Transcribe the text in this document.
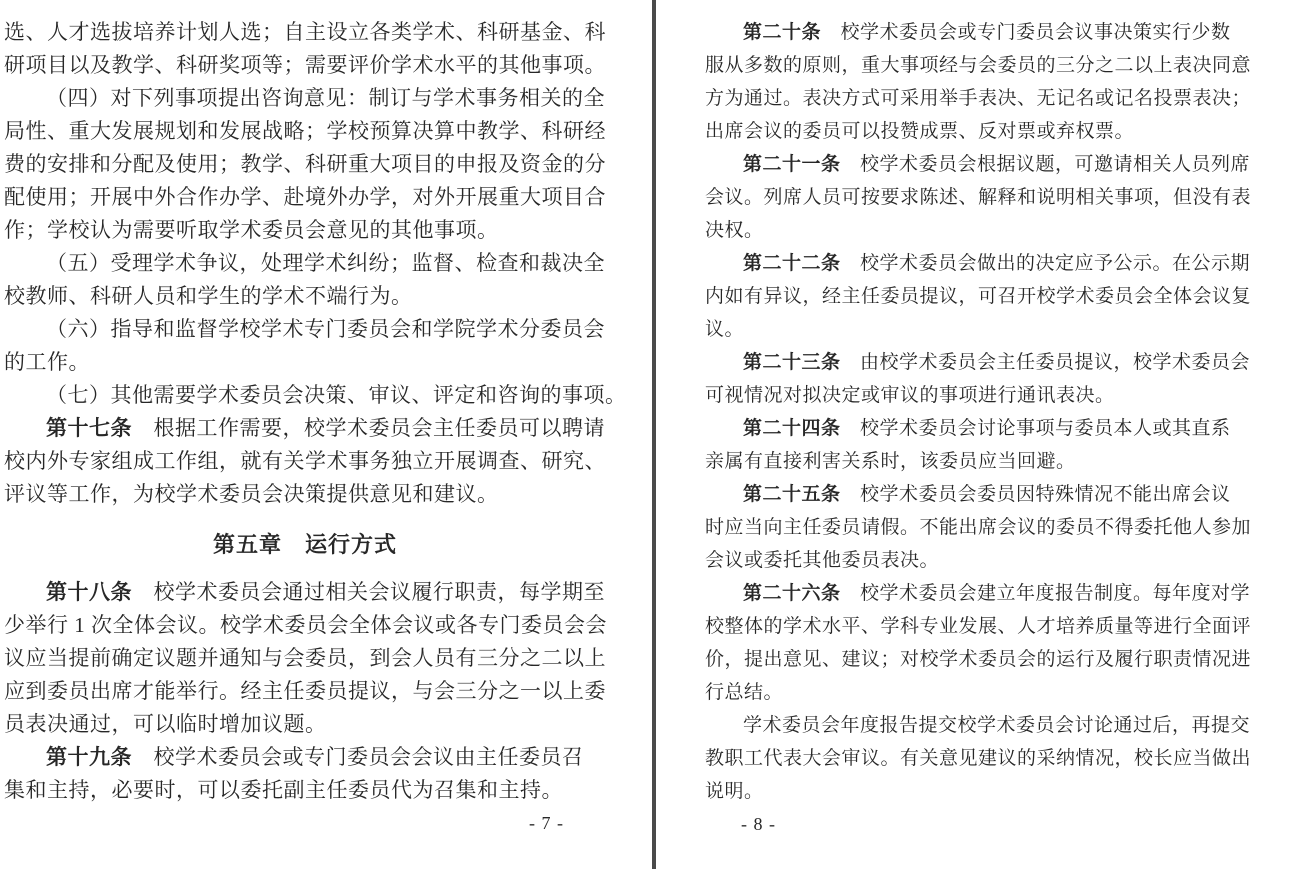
选、人才选拔培养计划人选；自主设立各类学术、科研基金、科
研项目以及教学、科研奖项等；需要评价学术水平的其他事项。
（四）对下列事项提出咨询意见：制订与学术事务相关的全
局性、重大发展规划和发展战略；学校预算决算中教学、科研经
费的安排和分配及使用；教学、科研重大项目的申报及资金的分
配使用；开展中外合作办学、赴境外办学，对外开展重大项目合
作；学校认为需要听取学术委员会意见的其他事项。
（五）受理学术争议，处理学术纠纷；监督、检查和裁决全
校教师、科研人员和学生的学术不端行为。
（六）指导和监督学校学术专门委员会和学院学术分委员会
的工作。
（七）其他需要学术委员会决策、审议、评定和咨询的事项。
第十七条　根据工作需要，校学术委员会主任委员可以聘请
校内外专家组成工作组，就有关学术事务独立开展调查、研究、
评议等工作，为校学术委员会决策提供意见和建议。
第五章　运行方式
第十八条　校学术委员会通过相关会议履行职责，每学期至
少举行 1 次全体会议。校学术委员会全体会议或各专门委员会会
议应当提前确定议题并通知与会委员，到会人员有三分之二以上
应到委员出席才能举行。经主任委员提议，与会三分之一以上委
员表决通过，可以临时增加议题。
第十九条　校学术委员会或专门委员会会议由主任委员召
集和主持，必要时，可以委托副主任委员代为召集和主持。
- 7 -
第二十条　校学术委员会或专门委员会议事决策实行少数
服从多数的原则，重大事项经与会委员的三分之二以上表决同意
方为通过。表决方式可采用举手表决、无记名或记名投票表决；
出席会议的委员可以投赞成票、反对票或弃权票。
第二十一条　校学术委员会根据议题，可邀请相关人员列席
会议。列席人员可按要求陈述、解释和说明相关事项，但没有表
决权。
第二十二条　校学术委员会做出的决定应予公示。在公示期
内如有异议，经主任委员提议，可召开校学术委员会全体会议复
议。
第二十三条　由校学术委员会主任委员提议，校学术委员会
可视情况对拟决定或审议的事项进行通讯表决。
第二十四条　校学术委员会讨论事项与委员本人或其直系
亲属有直接利害关系时，该委员应当回避。
第二十五条　校学术委员会委员因特殊情况不能出席会议
时应当向主任委员请假。不能出席会议的委员不得委托他人参加
会议或委托其他委员表决。
第二十六条　校学术委员会建立年度报告制度。每年度对学
校整体的学术水平、学科专业发展、人才培养质量等进行全面评
价，提出意见、建议；对校学术委员会的运行及履行职责情况进
行总结。
学术委员会年度报告提交校学术委员会讨论通过后，再提交
教职工代表大会审议。有关意见建议的采纳情况，校长应当做出
说明。
- 8 -
